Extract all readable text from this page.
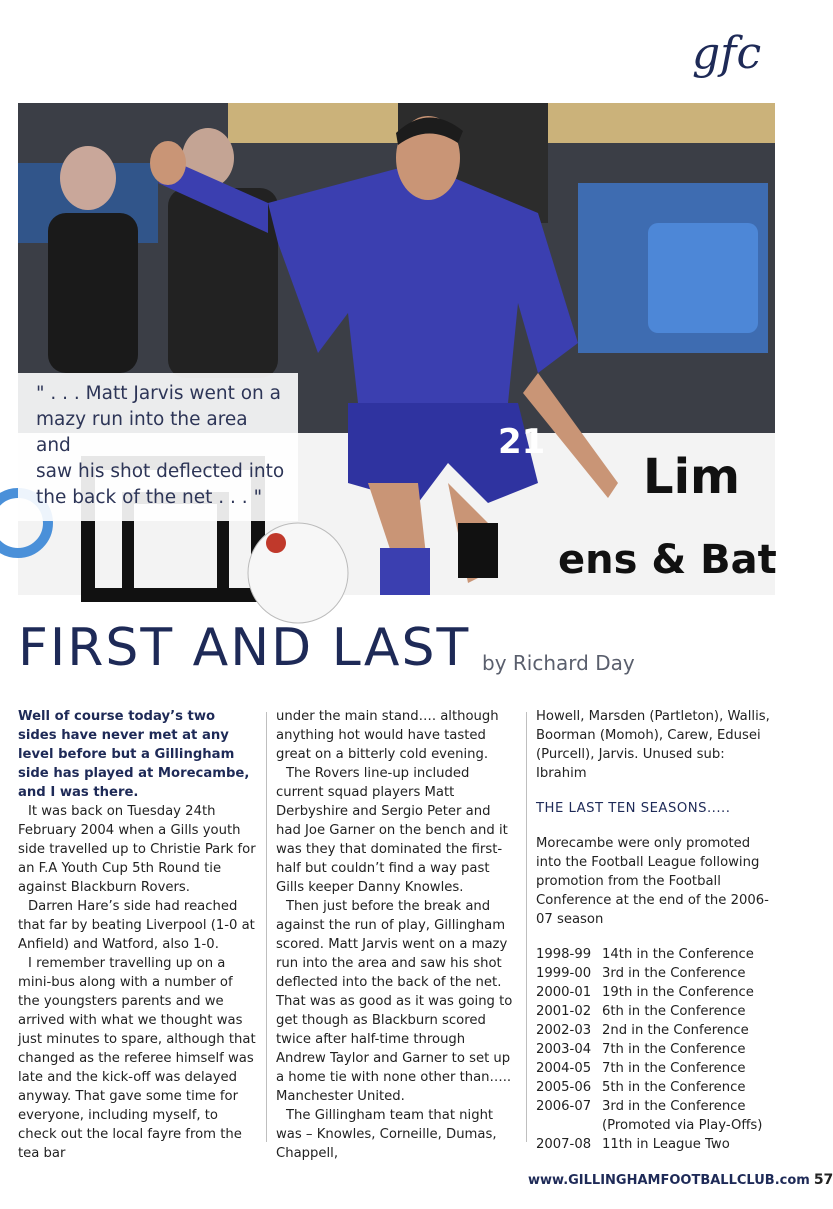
gfc
Lim
ens & Bat
21
" . . . Matt Jarvis went on a
mazy run into the area and
saw his shot deflected into
the back of the net . . . "
FIRST AND LAST by Richard Day

Well of course today’s two sides have never met at any level before but a Gillingham side has played at Morecambe, and I was there.

It was back on Tuesday 24th February 2004 when a Gills youth side travelled up to Christie Park for an F.A Youth Cup 5th Round tie against Blackburn Rovers.

Darren Hare’s side had reached that far by beating Liverpool (1-0 at Anfield) and Watford, also 1-0.

I remember travelling up on a mini-bus along with a number of the youngsters parents and we arrived with what we thought was just minutes to spare, although that changed as the referee himself was late and the kick-off was delayed anyway. That gave some time for everyone, including myself, to check out the local fayre from the tea bar

under the main stand…. although anything hot would have tasted great on a bitterly cold evening.

The Rovers line-up included current squad players Matt Derbyshire and Sergio Peter and had Joe Garner on the bench and it was they that dominated the first-half but couldn’t find a way past Gills keeper Danny Knowles.

Then just before the break and against the run of play, Gillingham scored. Matt Jarvis went on a mazy run into the area and saw his shot deflected into the back of the net. That was as good as it was going to get though as Blackburn scored twice after half-time through Andrew Taylor and Garner to set up a home tie with none other than….. Manchester United.

The Gillingham team that night was – Knowles, Corneille, Dumas, Chappell,

Howell, Marsden (Partleton), Wallis, Boorman (Momoh), Carew, Edusei (Purcell), Jarvis. Unused sub: Ibrahim

THE LAST TEN SEASONS.....

Morecambe were only promoted into the Football League following promotion from the Football Conference at the end of the 2006-07 season

1998-99 14th in the Conference
1999-00 3rd in the Conference
2000-01 19th in the Conference
2001-02 6th in the Conference
2002-03 2nd in the Conference
2003-04 7th in the Conference
2004-05 7th in the Conference
2005-06 5th in the Conference
2006-07 3rd in the Conference (Promoted via Play-Offs)
2007-08 11th in League Two
www.GILLINGHAMFOOTBALLCLUB.com 57
